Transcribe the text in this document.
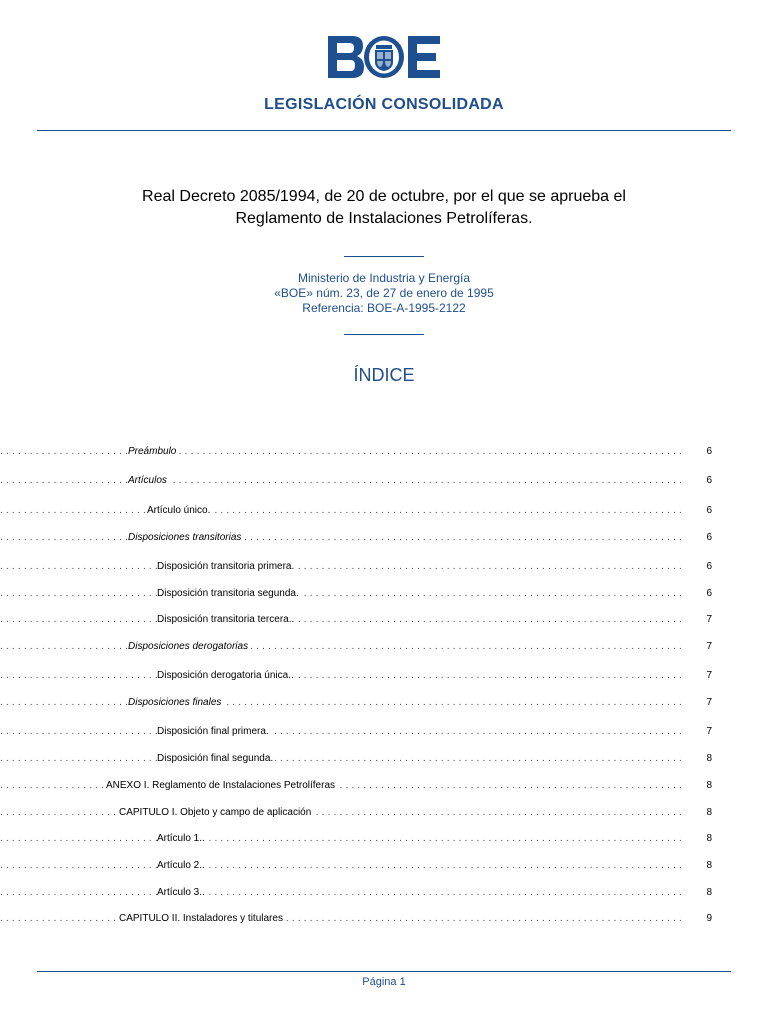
LEGISLACIÓN CONSOLIDADA
Real Decreto 2085/1994, de 20 de octubre, por el que se aprueba el
Reglamento de Instalaciones Petrolíferas.
Ministerio de Industria y Energía
«BOE» núm. 23, de 27 de enero de 1995
Referencia: BOE-A-1995-2122
ÍNDICE
. . .
Preámbulo	6
. . .
Artículos	6
. . .
Artículo único.	6
. . .
Disposiciones transitorias	6
. . .
Disposición transitoria primera.	6
. . .
Disposición transitoria segunda.	6
. . .
Disposición transitoria tercera..	7
. . .
Disposiciones derogatorias	7
. . .
Disposición derogatoria única..	7
. . .
Disposiciones finales	7
. . .
Disposición final primera.	7
. . .
Disposición final segunda.	8
. . .
ANEXO I. Reglamento de Instalaciones Petrolíferas	8
. . .
CAPITULO I. Objeto y campo de aplicación	8
. . .
Artículo 1..	8
. . .
Artículo 2..	8
. . .
Artículo 3..	8
. . .
CAPITULO II. Instaladores y titulares	9
Página 1
